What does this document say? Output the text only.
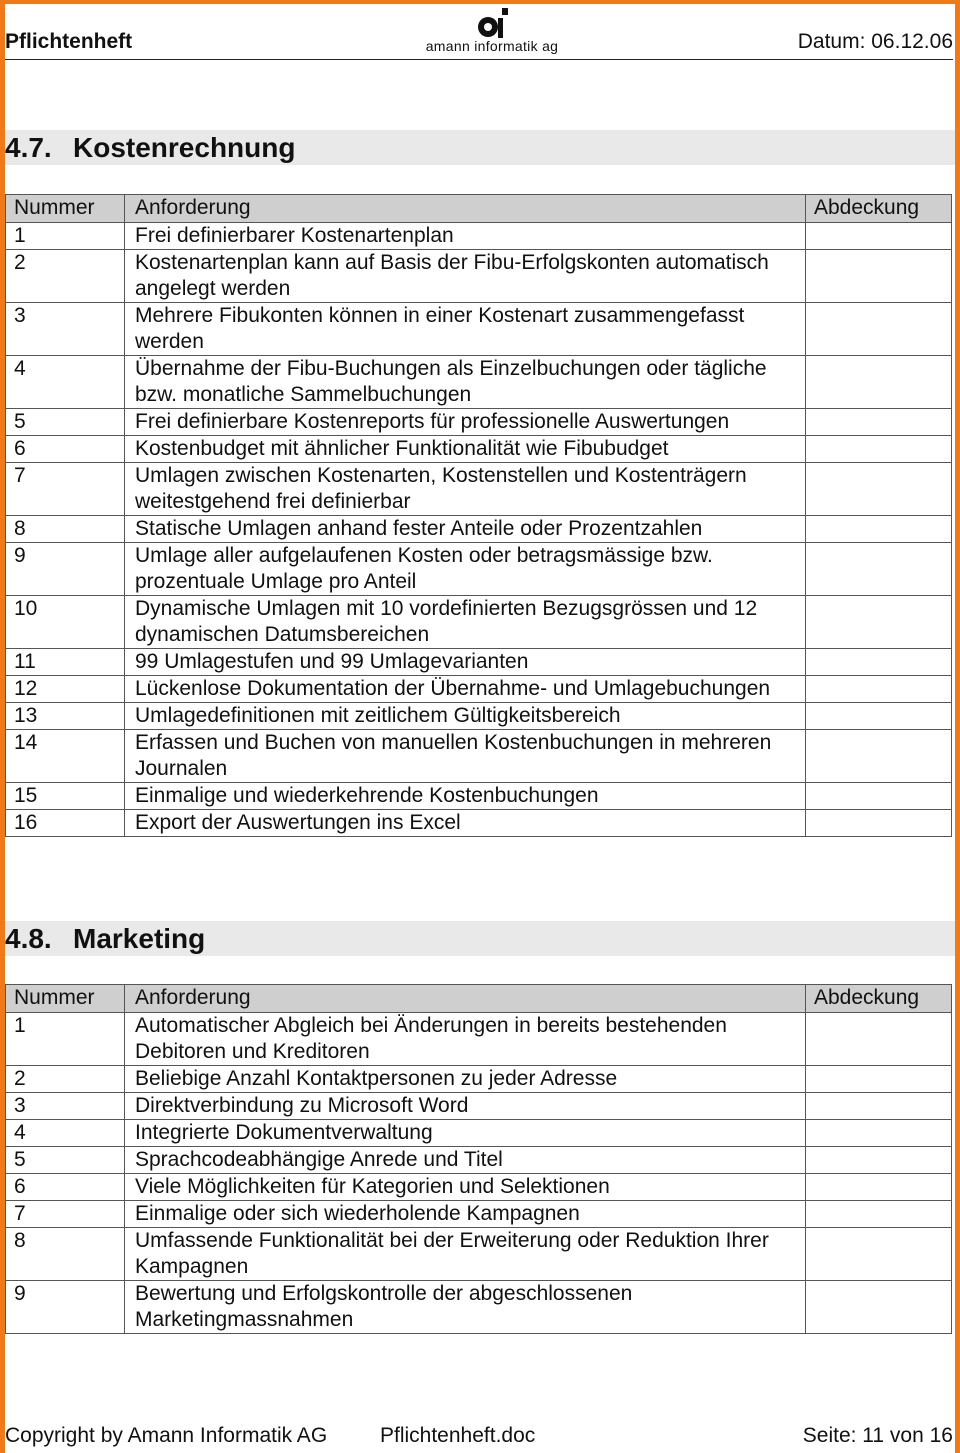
Pflichtenheft	amann informatik ag	Datum: 06.12.06
4.7. Kostenrechnung
Nummer	Anforderung	Abdeckung
1	Frei definierbarer Kostenartenplan	
2	Kostenartenplan kann auf Basis der Fibu-Erfolgskonten automatisch angelegt werden	
3	Mehrere Fibukonten können in einer Kostenart zusammengefasst werden	
4	Übernahme der Fibu-Buchungen als Einzelbuchungen oder tägliche bzw. monatliche Sammelbuchungen	
5	Frei definierbare Kostenreports für professionelle Auswertungen	
6	Kostenbudget mit ähnlicher Funktionalität wie Fibubudget	
7	Umlagen zwischen Kostenarten, Kostenstellen und Kostenträgern weitestgehend frei definierbar	
8	Statische Umlagen anhand fester Anteile oder Prozentzahlen	
9	Umlage aller aufgelaufenen Kosten oder betragsmässige bzw. prozentuale Umlage pro Anteil	
10	Dynamische Umlagen mit 10 vordefinierten Bezugsgrössen und 12 dynamischen Datumsbereichen	
11	99 Umlagestufen und 99 Umlagevarianten	
12	Lückenlose Dokumentation der Übernahme- und Umlagebuchungen	
13	Umlagedefinitionen mit zeitlichem Gültigkeitsbereich	
14	Erfassen und Buchen von manuellen Kostenbuchungen in mehreren Journalen	
15	Einmalige und wiederkehrende Kostenbuchungen	
16	Export der Auswertungen ins Excel	
4.8. Marketing
Nummer	Anforderung	Abdeckung
1	Automatischer Abgleich bei Änderungen in bereits bestehenden Debitoren und Kreditoren	
2	Beliebige Anzahl Kontaktpersonen zu jeder Adresse	
3	Direktverbindung zu Microsoft Word	
4	Integrierte Dokumentverwaltung	
5	Sprachcodeabhängige Anrede und Titel	
6	Viele Möglichkeiten für Kategorien und Selektionen	
7	Einmalige oder sich wiederholende Kampagnen	
8	Umfassende Funktionalität bei der Erweiterung oder Reduktion Ihrer Kampagnen	
9	Bewertung und Erfolgskontrolle der abgeschlossenen Marketingmassnahmen	
Copyright by Amann Informatik AG	Pflichtenheft.doc	Seite: 11 von 16
